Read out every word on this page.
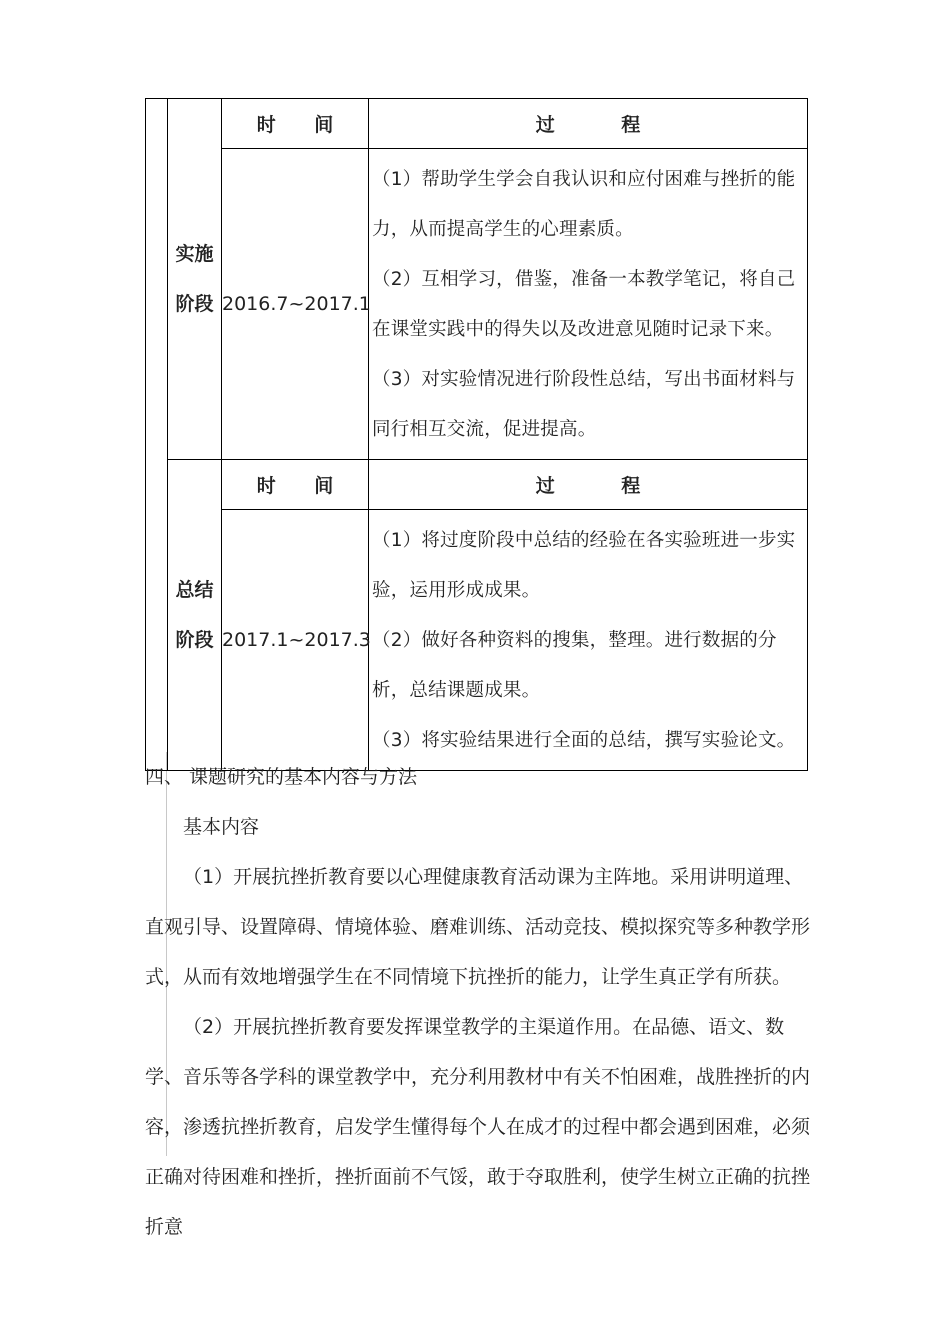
	实施
阶段	时 间	过 程
		2016.7~2017.1	（1）帮助学生学会自我认识和应付困难与挫折的能力，从而提高学生的心理素质。

（2）互相学习，借鉴，准备一本教学笔记，将自己在课堂实践中的得失以及改进意见随时记录下来。

（3）对实验情况进行阶段性总结，写出书面材料与同行相互交流，促进提高。

	总结
阶段	时 间	过 程
		2017.1~2017.3	（1）将过度阶段中总结的经验在各实验班进一步实验，运用形成成果。

（2）做好各种资料的搜集，整理。进行数据的分析，总结课题成果。

（3）将实验结果进行全面的总结，撰写实验论文。

四、 课题研究的基本内容与方法
基本内容

（1）开展抗挫折教育要以心理健康教育活动课为主阵地。采用讲明道理、直观引导、设置障碍、情境体验、磨难训练、活动竞技、模拟探究等多种教学形式，从而有效地增强学生在不同情境下抗挫折的能力，让学生真正学有所获。

（2）开展抗挫折教育要发挥课堂教学的主渠道作用。在品德、语文、数学、音乐等各学科的课堂教学中，充分利用教材中有关不怕困难，战胜挫折的内容，渗透抗挫折教育，启发学生懂得每个人在成才的过程中都会遇到困难，必须正确对待困难和挫折，挫折面前不气馁，敢于夺取胜利，使学生树立正确的抗挫折意
